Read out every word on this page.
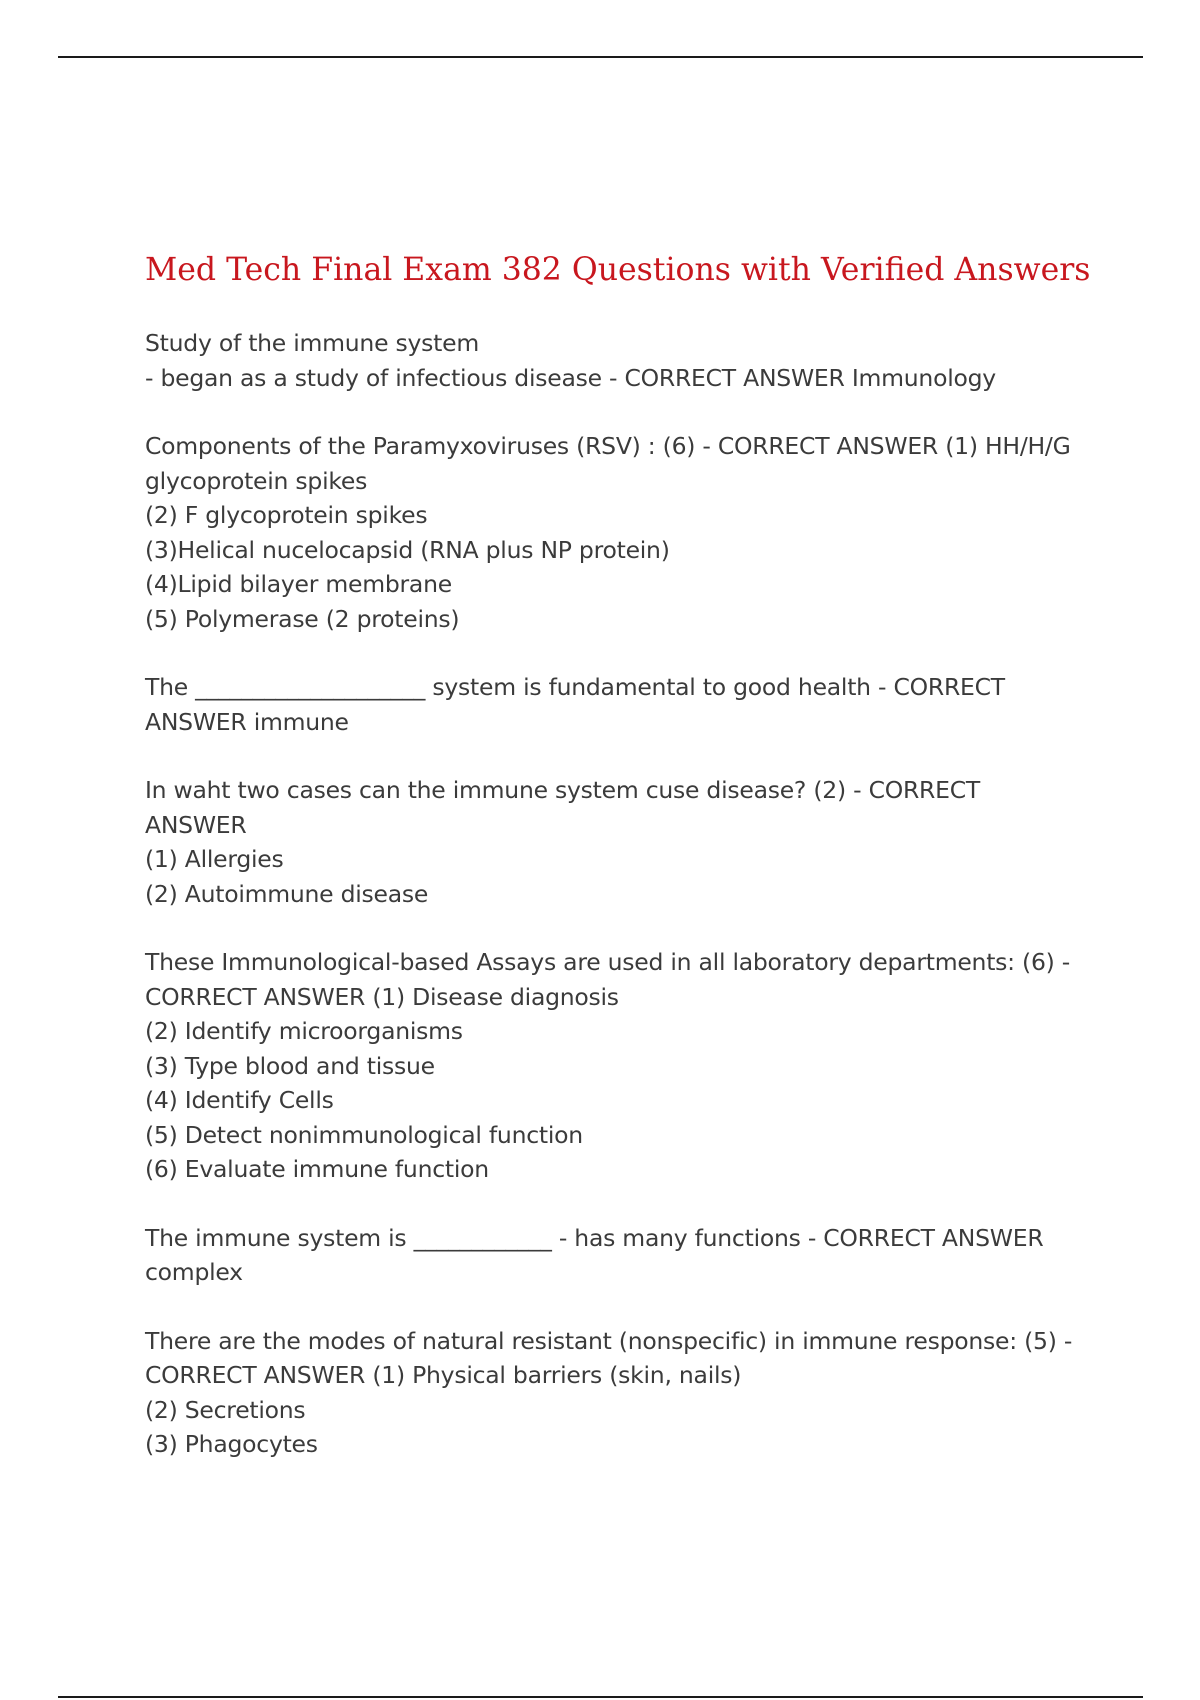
Med Tech Final Exam 382 Questions with Verified Answers
Study of the immune system
- began as a study of infectious disease - CORRECT ANSWER Immunology
Components of the Paramyxoviruses (RSV) : (6) - CORRECT ANSWER (1) HH/H/G
glycoprotein spikes
(2) F glycoprotein spikes
(3)Helical nucelocapsid (RNA plus NP protein)
(4)Lipid bilayer membrane
(5) Polymerase (2 proteins)
The ____________________ system is fundamental to good health - CORRECT
ANSWER immune
In waht two cases can the immune system cuse disease? (2) - CORRECT ANSWER
(1) Allergies
(2) Autoimmune disease
These Immunological-based Assays are used in all laboratory departments: (6) -
CORRECT ANSWER (1) Disease diagnosis
(2) Identify microorganisms
(3) Type blood and tissue
(4) Identify Cells
(5) Detect nonimmunological function
(6) Evaluate immune function
The immune system is ____________ - has many functions - CORRECT ANSWER
complex
There are the modes of natural resistant (nonspecific) in immune response: (5) -
CORRECT ANSWER (1) Physical barriers (skin, nails)
(2) Secretions
(3) Phagocytes
